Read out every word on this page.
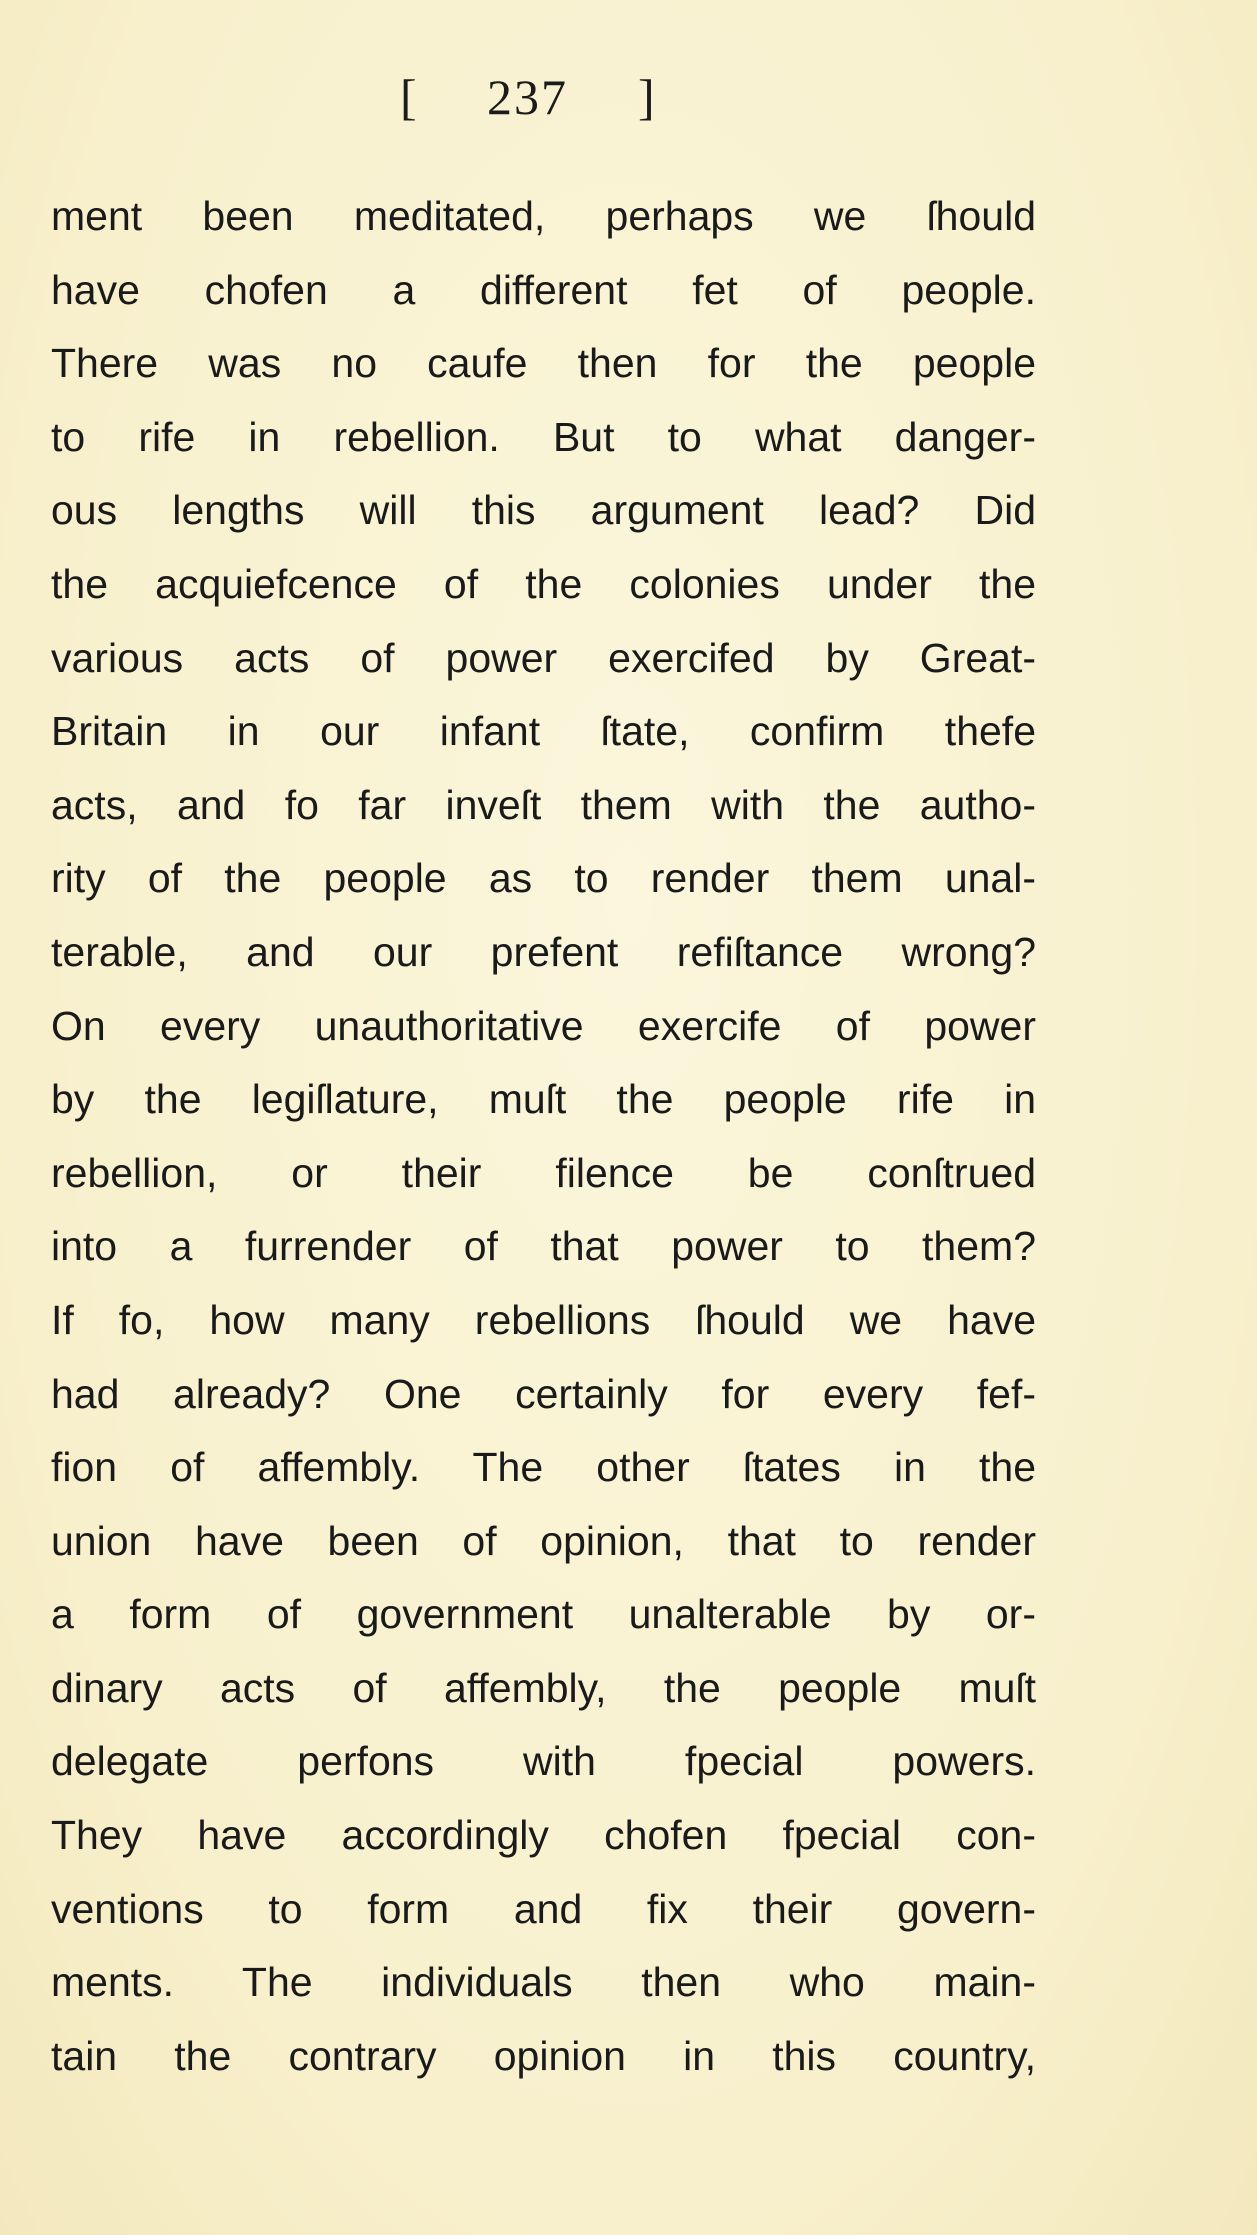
[ 237 ]
ment been meditated, perhaps we ſhould
have chofen a different fet of people.
There was no caufe then for the people
to rife in rebellion. But to what danger-
ous lengths will this argument lead? Did
the acquiefcence of the colonies under the
various acts of power exercifed by Great-
Britain in our infant ſtate, confirm thefe
acts, and fo far inveſt them with the autho-
rity of the people as to render them unal-
terable, and our prefent refiſtance wrong?
On every unauthoritative exercife of power
by the legiſlature, muſt the people rife in
rebellion, or their filence be conſtrued
into a furrender of that power to them?
If fo, how many rebellions ſhould we have
had already? One certainly for every fef-
fion of affembly. The other ſtates in the
union have been of opinion, that to render
a form of government unalterable by or-
dinary acts of affembly, the people muſt
delegate perfons with fpecial powers.
They have accordingly chofen fpecial con-
ventions to form and fix their govern-
ments. The individuals then who main-
tain the contrary opinion in this country,
